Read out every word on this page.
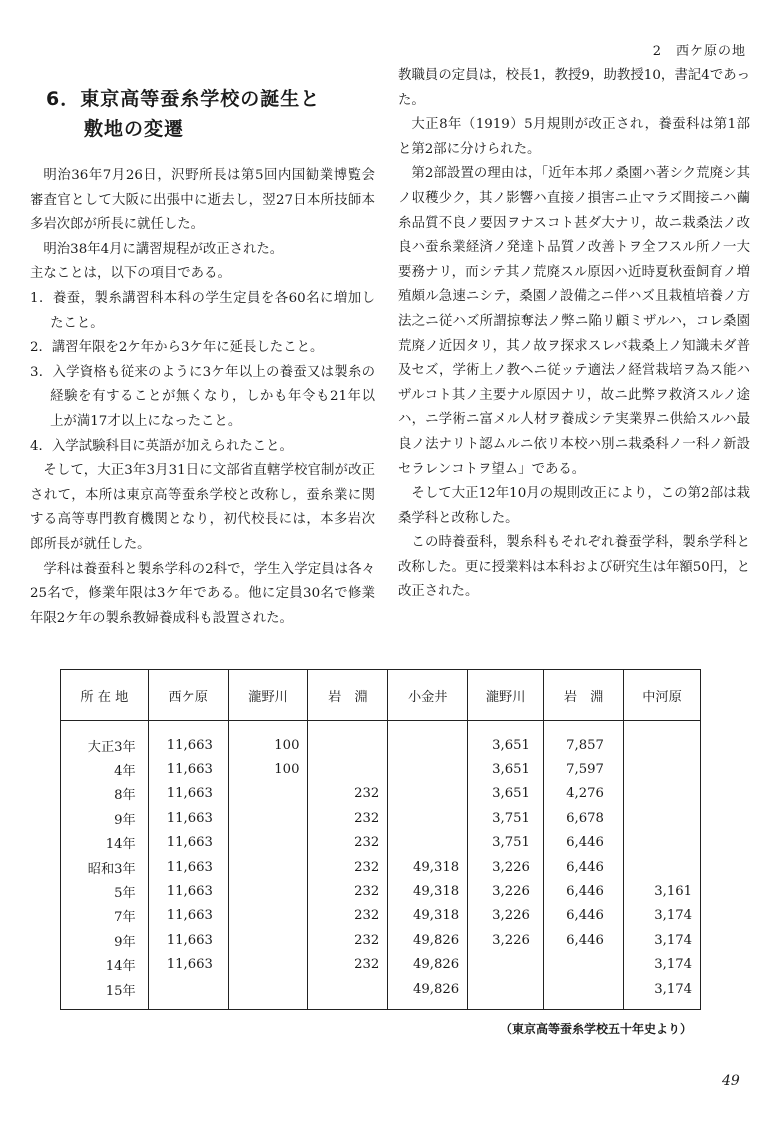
2　西ケ原の地
6．東京高等蚕糸学校の誕生と
敷地の変遷

明治36年7月26日，沢野所長は第5回内国勧業博覧会審査官として大阪に出張中に逝去し，翌27日本所技師本多岩次郎が所長に就任した。

明治38年4月に講習規程が改正された。

主なことは，以下の項目である。

1．養蚕，製糸講習科本科の学生定員を各60名に増加したこと。
2．講習年限を2ケ年から3ケ年に延長したこと。
3．入学資格も従来のように3ケ年以上の養蚕又は製糸の経験を有することが無くなり，しかも年令も21年以上が満17才以上になったこと。
4．入学試験科目に英語が加えられたこと。

そして，大正3年3月31日に文部省直轄学校官制が改正されて，本所は東京高等蚕糸学校と改称し，蚕糸業に関する高等専門教育機関となり，初代校長には，本多岩次郎所長が就任した。

学科は養蚕科と製糸学科の2科で，学生入学定員は各々25名で，修業年限は3ケ年である。他に定員30名で修業年限2ケ年の製糸教婦養成科も設置された。

教職員の定員は，校長1，教授9，助教授10，書記4であった。

大正8年（1919）5月規則が改正され，養蚕科は第1部と第2部に分けられた。

第2部設置の理由は，「近年本邦ノ桑園ハ著シク荒廃シ其ノ収穫少ク，其ノ影響ハ直接ノ損害ニ止マラズ間接ニハ繭糸品質不良ノ要因ヲナスコト甚ダ大ナリ，故ニ栽桑法ノ改良ハ蚕糸業経済ノ発達ト品質ノ改善トヲ全フスル所ノ一大要務ナリ，而シテ其ノ荒廃スル原因ハ近時夏秋蚕飼育ノ増殖頗ル急速ニシテ，桑園ノ設備之ニ伴ハズ且栽植培養ノ方法之ニ従ハズ所謂掠奪法ノ弊ニ陥リ顧ミザルハ，コレ桑園荒廃ノ近因タリ，其ノ故ヲ探求スレバ栽桑上ノ知識未ダ普及セズ，学術上ノ教ヘニ従ッテ適法ノ経営栽培ヲ為ス能ハザルコト其ノ主要ナル原因ナリ，故ニ此弊ヲ救済スルノ途ハ，ニ学術ニ富メル人材ヲ養成シテ実業界ニ供給スルハ最良ノ法ナリト認ムルニ依リ本校ハ別ニ栽桑科ノ一科ノ新設セラレンコトヲ望ム」である。

そして大正12年10月の規則改正により，この第2部は栽桑学科と改称した。

この時養蚕科，製糸科もそれぞれ養蚕学科，製糸学科と改称した。更に授業料は本科および研究生は年額50円，と改正された。

所 在 地	西ケ原	瀧野川	岩　淵	小金井	瀧野川	岩　淵	中河原
大正3年	11,663	100			3,651	7,857	
4年	11,663	100			3,651	7,597	
8年	11,663		232		3,651	4,276	
9年	11,663		232		3,751	6,678	
14年	11,663		232		3,751	6,446	
昭和3年	11,663		232	49,318	3,226	6,446	
5年	11,663		232	49,318	3,226	6,446	3,161
7年	11,663		232	49,318	3,226	6,446	3,174
9年	11,663		232	49,826	3,226	6,446	3,174
14年	11,663		232	49,826			3,174
15年				49,826			3,174
（東京高等蚕糸学校五十年史より）
49
